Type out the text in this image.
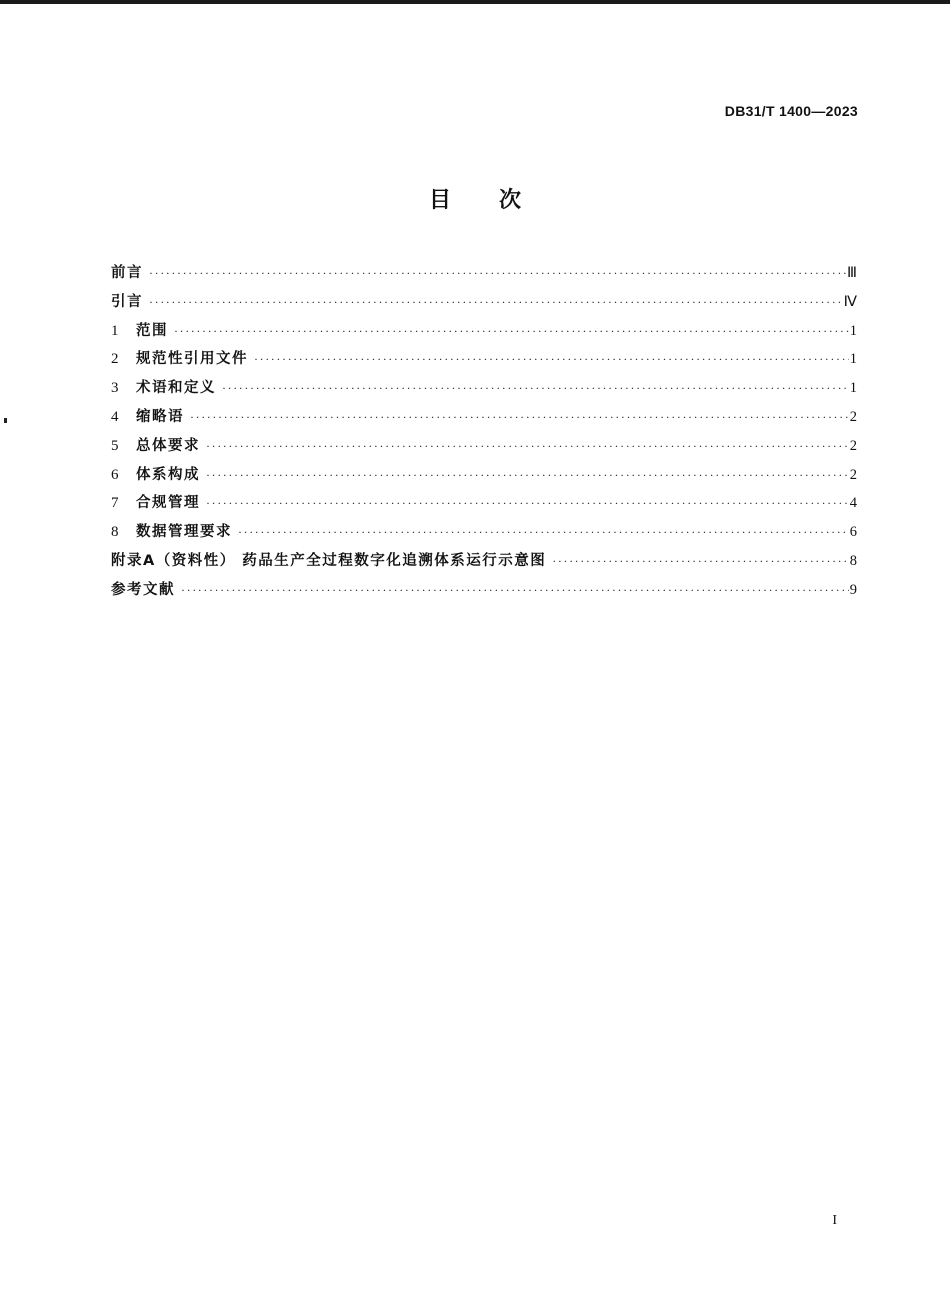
DB31/T 1400—2023
目次
前言 ·····	Ⅲ
引言 ·····	Ⅳ
1	范围 ·····	1
2	规范性引用文件 ·····	1
3	术语和定义 ·····	1
4	缩略语 ·····	2
5	总体要求 ·····	2
6	体系构成 ·····	2
7	合规管理 ·····	4
8	数据管理要求 ·····	6
附录A（资料性） 药品生产全过程数字化追溯体系运行示意图 ·····	8
参考文献 ·····	9
I
